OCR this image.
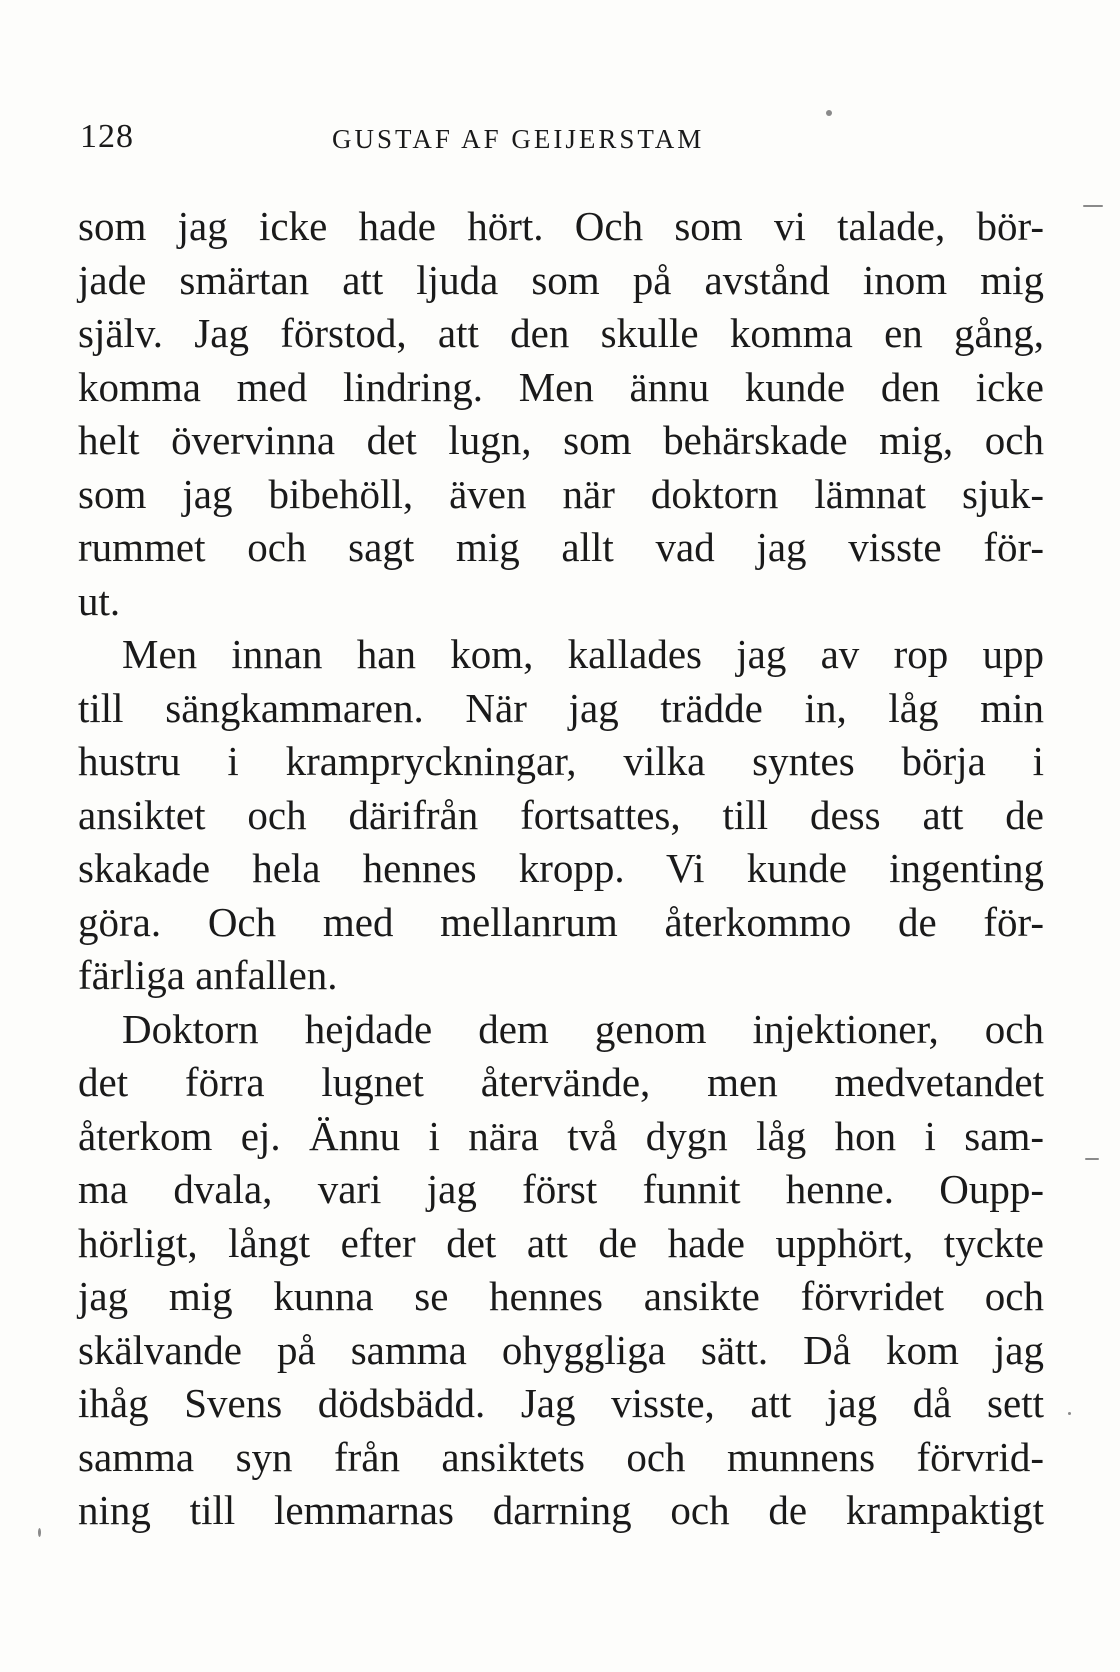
128	GUSTAF AF GEIJERSTAM
som jag icke hade hört. Och som vi talade, bör-
jade smärtan att ljuda som på avstånd inom mig
själv. Jag förstod, att den skulle komma en gång,
komma med lindring. Men ännu kunde den icke
helt övervinna det lugn, som behärskade mig, och
som jag bibehöll, även när doktorn lämnat sjuk-
rummet och sagt mig allt vad jag visste för-
ut.
Men innan han kom, kallades jag av rop upp
till sängkammaren. När jag trädde in, låg min
hustru i krampryckningar, vilka syntes börja i
ansiktet och därifrån fortsattes, till dess att de
skakade hela hennes kropp. Vi kunde ingenting
göra. Och med mellanrum återkommo de för-
färliga anfallen.
Doktorn hejdade dem genom injektioner, och
det förra lugnet återvände, men medvetandet
återkom ej. Ännu i nära två dygn låg hon i sam-
ma dvala, vari jag först funnit henne. Oupp-
hörligt, långt efter det att de hade upphört, tyckte
jag mig kunna se hennes ansikte förvridet och
skälvande på samma ohyggliga sätt. Då kom jag
ihåg Svens dödsbädd. Jag visste, att jag då sett
samma syn från ansiktets och munnens förvrid-
ning till lemmarnas darrning och de krampaktigt
